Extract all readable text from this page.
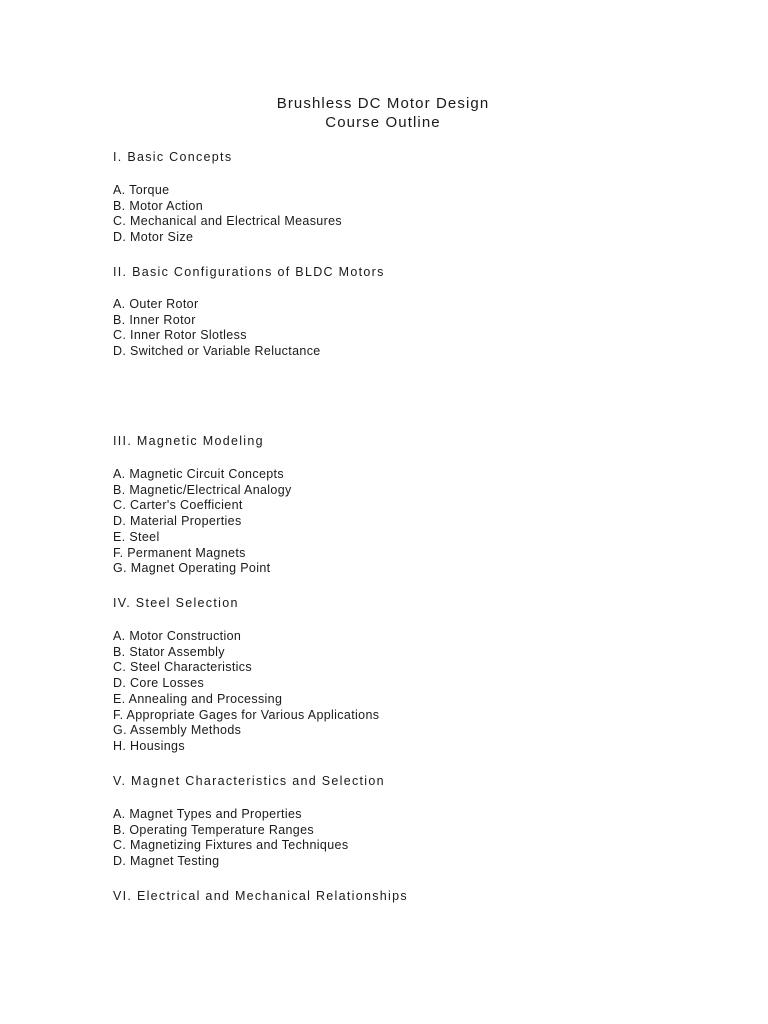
Brushless DC Motor Design
Course Outline
I. Basic Concepts
A. Torque
B. Motor Action
C. Mechanical and Electrical Measures
D. Motor Size
II. Basic Configurations of BLDC Motors
A. Outer Rotor
B. Inner Rotor
C. Inner Rotor Slotless
D. Switched or Variable Reluctance
III. Magnetic Modeling
A. Magnetic Circuit Concepts
B. Magnetic/Electrical Analogy
C. Carter's Coefficient
D. Material Properties
E. Steel
F. Permanent Magnets
G. Magnet Operating Point
IV. Steel Selection
A. Motor Construction
B. Stator Assembly
C. Steel Characteristics
D. Core Losses
E. Annealing and Processing
F. Appropriate Gages for Various Applications
G. Assembly Methods
H. Housings
V. Magnet Characteristics and Selection
A. Magnet Types and Properties
B. Operating Temperature Ranges
C. Magnetizing Fixtures and Techniques
D. Magnet Testing
VI. Electrical and Mechanical Relationships
